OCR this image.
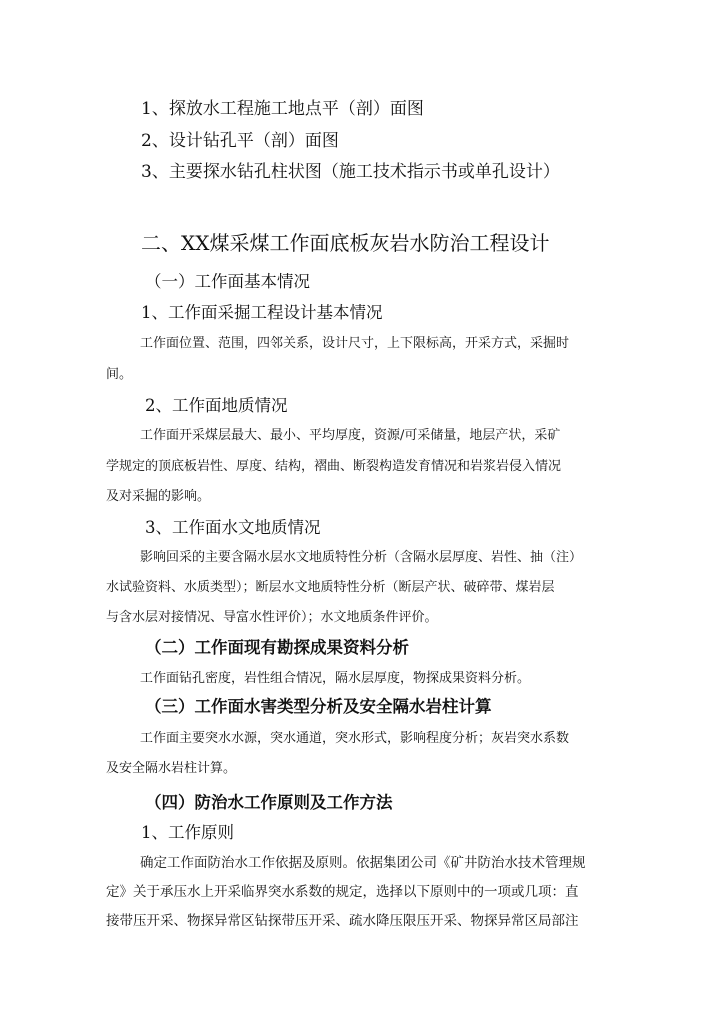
1、探放水工程施工地点平（剖）面图
2、设计钻孔平（剖）面图
3、主要探水钻孔柱状图（施工技术指示书或单孔设计）
二、XX煤采煤工作面底板灰岩水防治工程设计
（一）工作面基本情况
1、工作面采掘工程设计基本情况
工作面位置、范围，四邻关系，设计尺寸，上下限标高，开采方式，采掘时
间。
2、工作面地质情况
工作面开采煤层最大、最小、平均厚度，资源/可采储量，地层产状，采矿
学规定的顶底板岩性、厚度、结构，褶曲、断裂构造发育情况和岩浆岩侵入情况
及对采掘的影响。
3、工作面水文地质情况
影响回采的主要含隔水层水文地质特性分析（含隔水层厚度、岩性、抽（注）
水试验资料、水质类型）；断层水文地质特性分析（断层产状、破碎带、煤岩层
与含水层对接情况、导富水性评价）；水文地质条件评价。
（二）工作面现有勘探成果资料分析
工作面钻孔密度，岩性组合情况，隔水层厚度，物探成果资料分析。
（三）工作面水害类型分析及安全隔水岩柱计算
工作面主要突水水源，突水通道，突水形式，影响程度分析；灰岩突水系数
及安全隔水岩柱计算。
（四）防治水工作原则及工作方法
1、工作原则
确定工作面防治水工作依据及原则。依据集团公司《矿井防治水技术管理规
定》关于承压水上开采临界突水系数的规定，选择以下原则中的一项或几项：直
接带压开采、物探异常区钻探带压开采、疏水降压限压开采、物探异常区局部注
